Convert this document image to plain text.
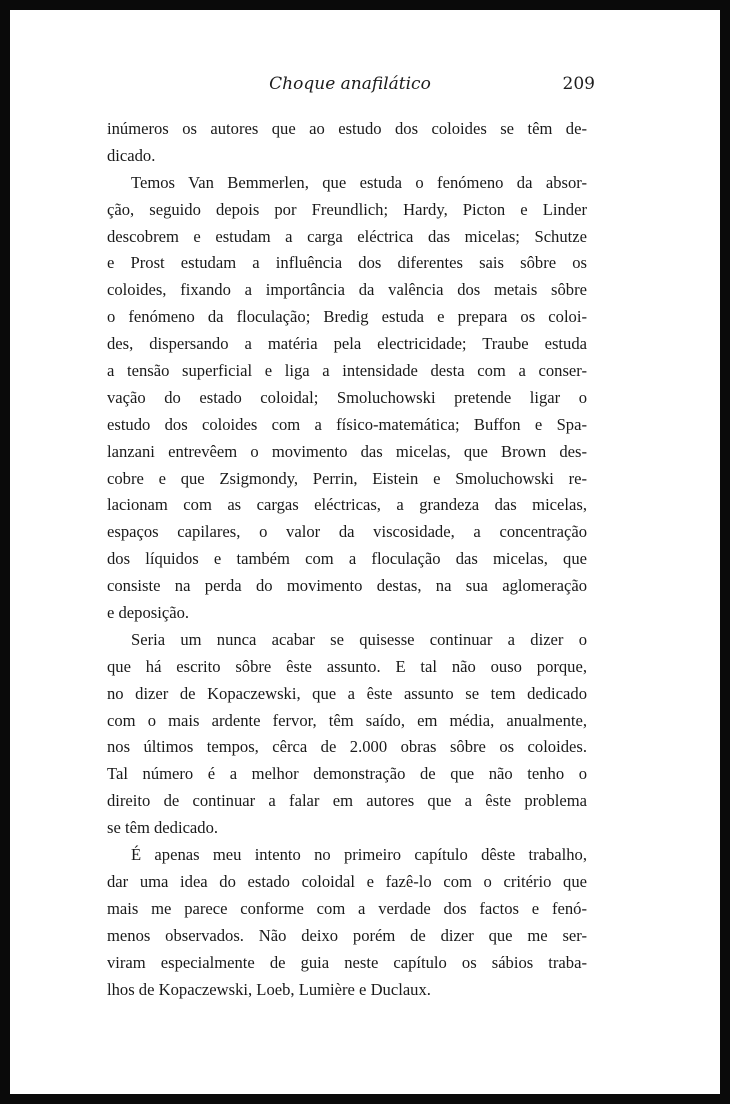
Choque anafilático	209

inúmeros os autores que ao estudo dos coloides se têm de-
dicado.

Temos Van Bemmerlen, que estuda o fenómeno da absor-
ção, seguido depois por Freundlich; Hardy, Picton e Linder
descobrem e estudam a carga eléctrica das micelas; Schutze
e Prost estudam a influência dos diferentes sais sôbre os
coloides, fixando a importância da valência dos metais sôbre
o fenómeno da floculação; Bredig estuda e prepara os coloi-
des, dispersando a matéria pela electricidade; Traube estuda
a tensão superficial e liga a intensidade desta com a conser-
vação do estado coloidal; Smoluchowski pretende ligar o
estudo dos coloides com a físico-matemática; Buffon e Spa-
lanzani entrevêem o movimento das micelas, que Brown des-
cobre e que Zsigmondy, Perrin, Eistein e Smoluchowski re-
lacionam com as cargas eléctricas, a grandeza das micelas,
espaços capilares, o valor da viscosidade, a concentração
dos líquidos e também com a floculação das micelas, que
consiste na perda do movimento destas, na sua aglomeração
e deposição.

Seria um nunca acabar se quisesse continuar a dizer o
que há escrito sôbre êste assunto. E tal não ouso porque,
no dizer de Kopaczewski, que a êste assunto se tem dedicado
com o mais ardente fervor, têm saído, em média, anualmente,
nos últimos tempos, cêrca de 2.000 obras sôbre os coloides.
Tal número é a melhor demonstração de que não tenho o
direito de continuar a falar em autores que a êste problema
se têm dedicado.

É apenas meu intento no primeiro capítulo dêste trabalho,
dar uma idea do estado coloidal e fazê-lo com o critério que
mais me parece conforme com a verdade dos factos e fenó-
menos observados. Não deixo porém de dizer que me ser-
viram especialmente de guia neste capítulo os sábios traba-
lhos de Kopaczewski, Loeb, Lumière e Duclaux.
